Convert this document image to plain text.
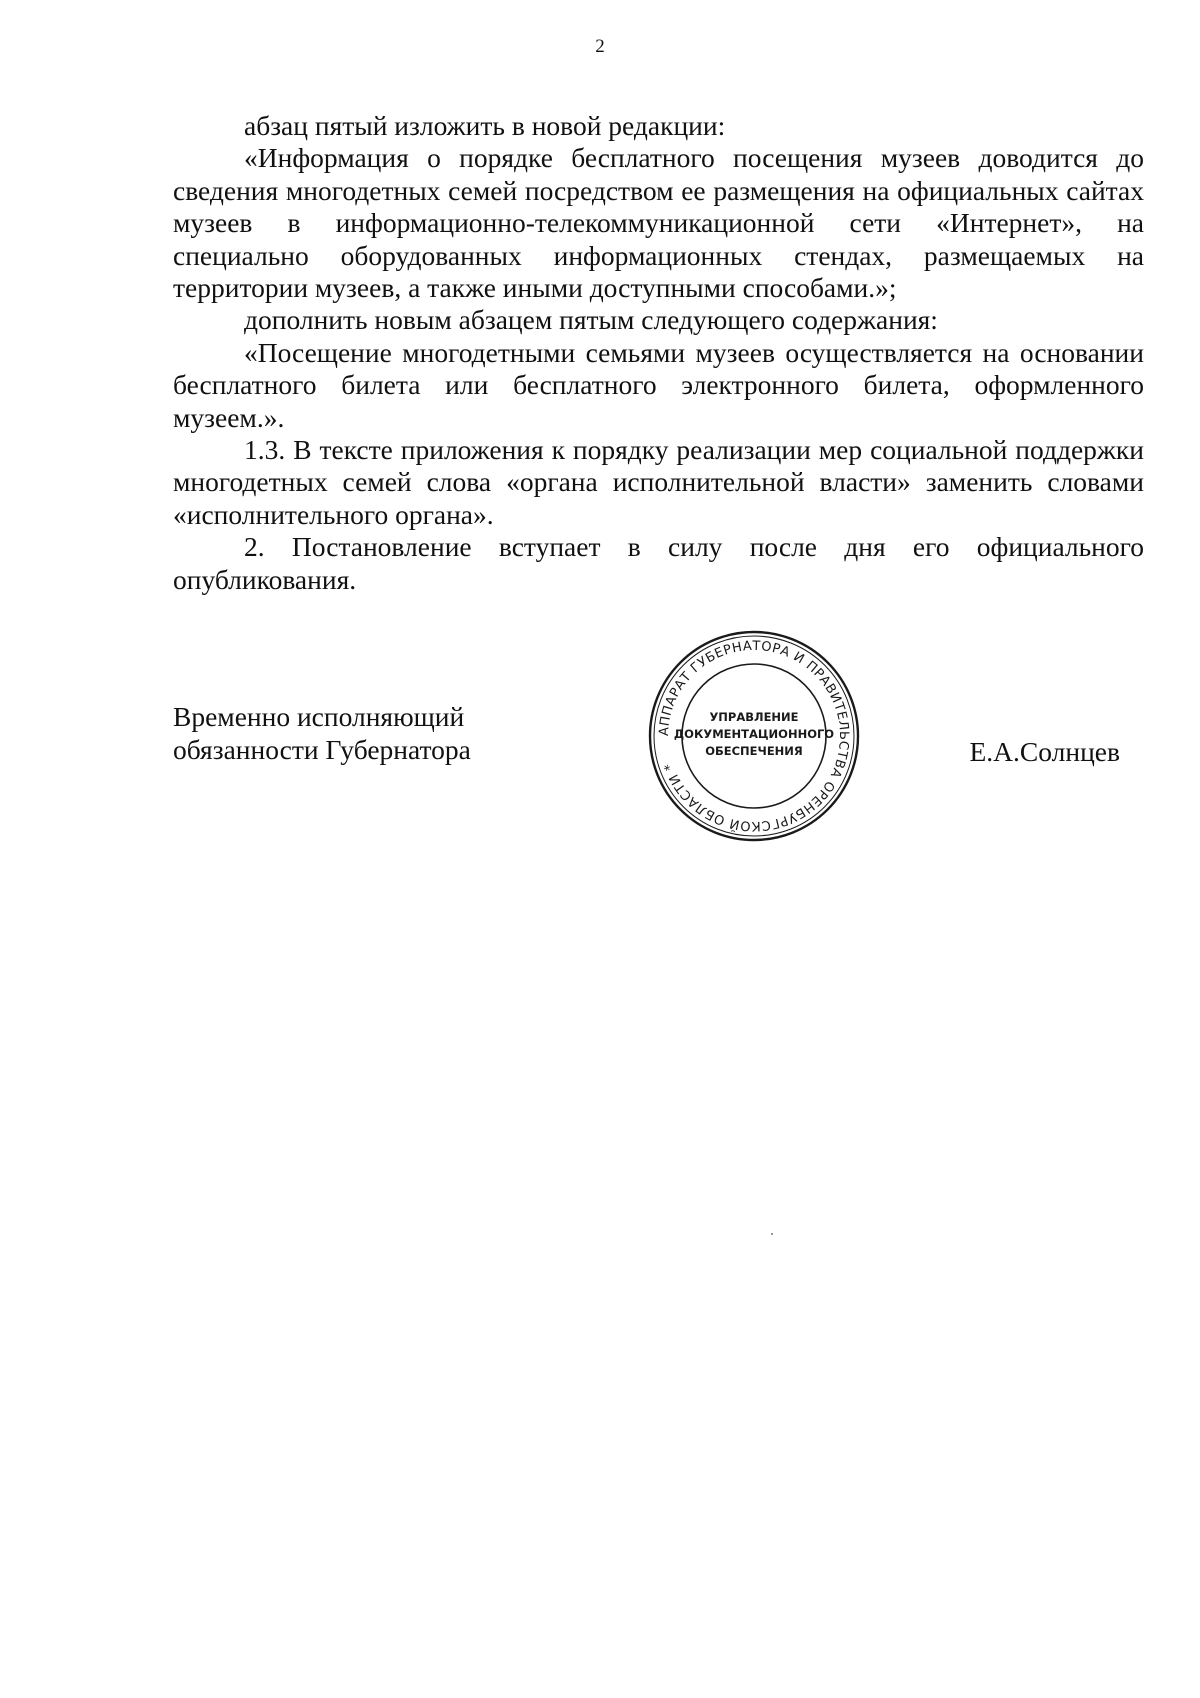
2

абзац пятый изложить в новой редакции:

«Информация о порядке бесплатного посещения музеев доводится до сведения многодетных семей посредством ее размещения на официальных сайтах музеев в информационно-телекоммуникационной сети «Интернет», на специально оборудованных информационных стендах, размещаемых на территории музеев, а также иными доступными способами.»;

дополнить новым абзацем пятым следующего содержания:

«Посещение многодетными семьями музеев осуществляется на основании бесплатного билета или бесплатного электронного билета, оформленного музеем.».

1.3. В тексте приложения к порядку реализации мер социальной поддержки многодетных семей слова «органа исполнительной власти» заменить словами «исполнительного органа».

2. Постановление вступает в силу после дня его официального опубликования.

Временно исполняющий
обязанности Губернатора
АППАРАТ ГУБЕРНАТОРА И ПРАВИТЕЛЬСТВА ОРЕНБУРГСКОЙ ОБЛАСТИ *
УПРАВЛЕНИЕ
ДОКУМЕНТАЦИОННОГО
ОБЕСПЕЧЕНИЯ	Е.А.Солнцев
